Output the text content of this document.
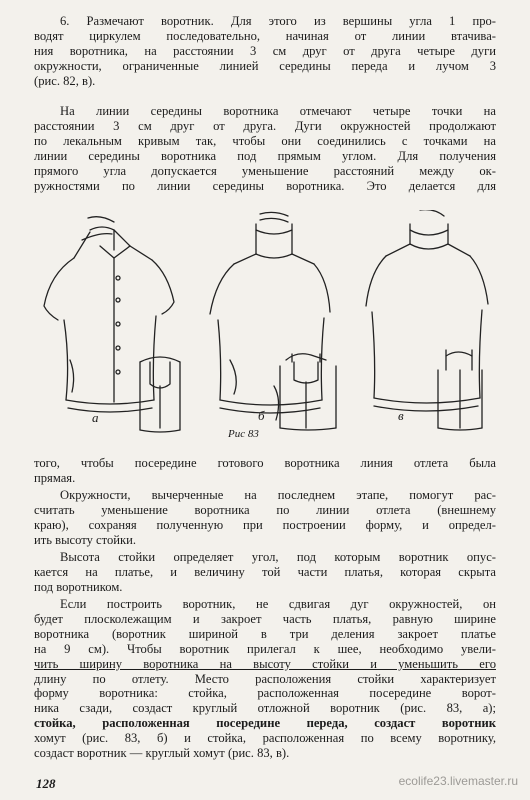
6. Размечают воротник. Для этого из вершины угла 1 про-
водят циркулем последовательно, начиная от линии втачива-
ния воротника, на расстоянии 3 см друг от друга четыре дуги
окружности, ограниченные линией середины переда и лучом 3
(рис. 82, в).
На линии середины воротника отмечают четыре точки на
расстоянии 3 см друг от друга. Дуги окружностей продолжают
по лекальным кривым так, чтобы они соединились с точками на
линии середины воротника под прямым углом. Для получения
прямого угла допускается уменьшение расстояний между ок-
ружностями по линии середины воротника. Это делается для
а	б	в
Рис 83
того, чтобы посередине готового воротника линия отлета была
прямая.
Окружности, вычерченные на последнем этапе, помогут рас-
считать уменьшение воротника по линии отлета (внешнему
краю), сохраняя полученную при построении форму, и определ-
ить высоту стойки.
Высота стойки определяет угол, под которым воротник опус-
кается на платье, и величину той части платья, которая скрыта
под воротником.
Если построить воротник, не сдвигая дуг окружностей, он
будет плосколежащим и закроет часть платья, равную ширине
воротника (воротник шириной в три деления закроет платье
на 9 см). Чтобы воротник прилегал к шее, необходимо увели-
чить ширину воротника на высоту стойки и уменьшить его
длину по отлету. Место расположения стойки характеризует
форму воротника: стойка, расположенная посередине ворот-
ника сзади, создаст круглый отложной воротник (рис. 83, а);
стойка, расположенная посередине переда, создаст воротник
хомут (рис. 83, б) и стойка, расположенная по всему воротнику,
создаст воротник — круглый хомут (рис. 83, в).
128	ecolife23.livemaster.ru
